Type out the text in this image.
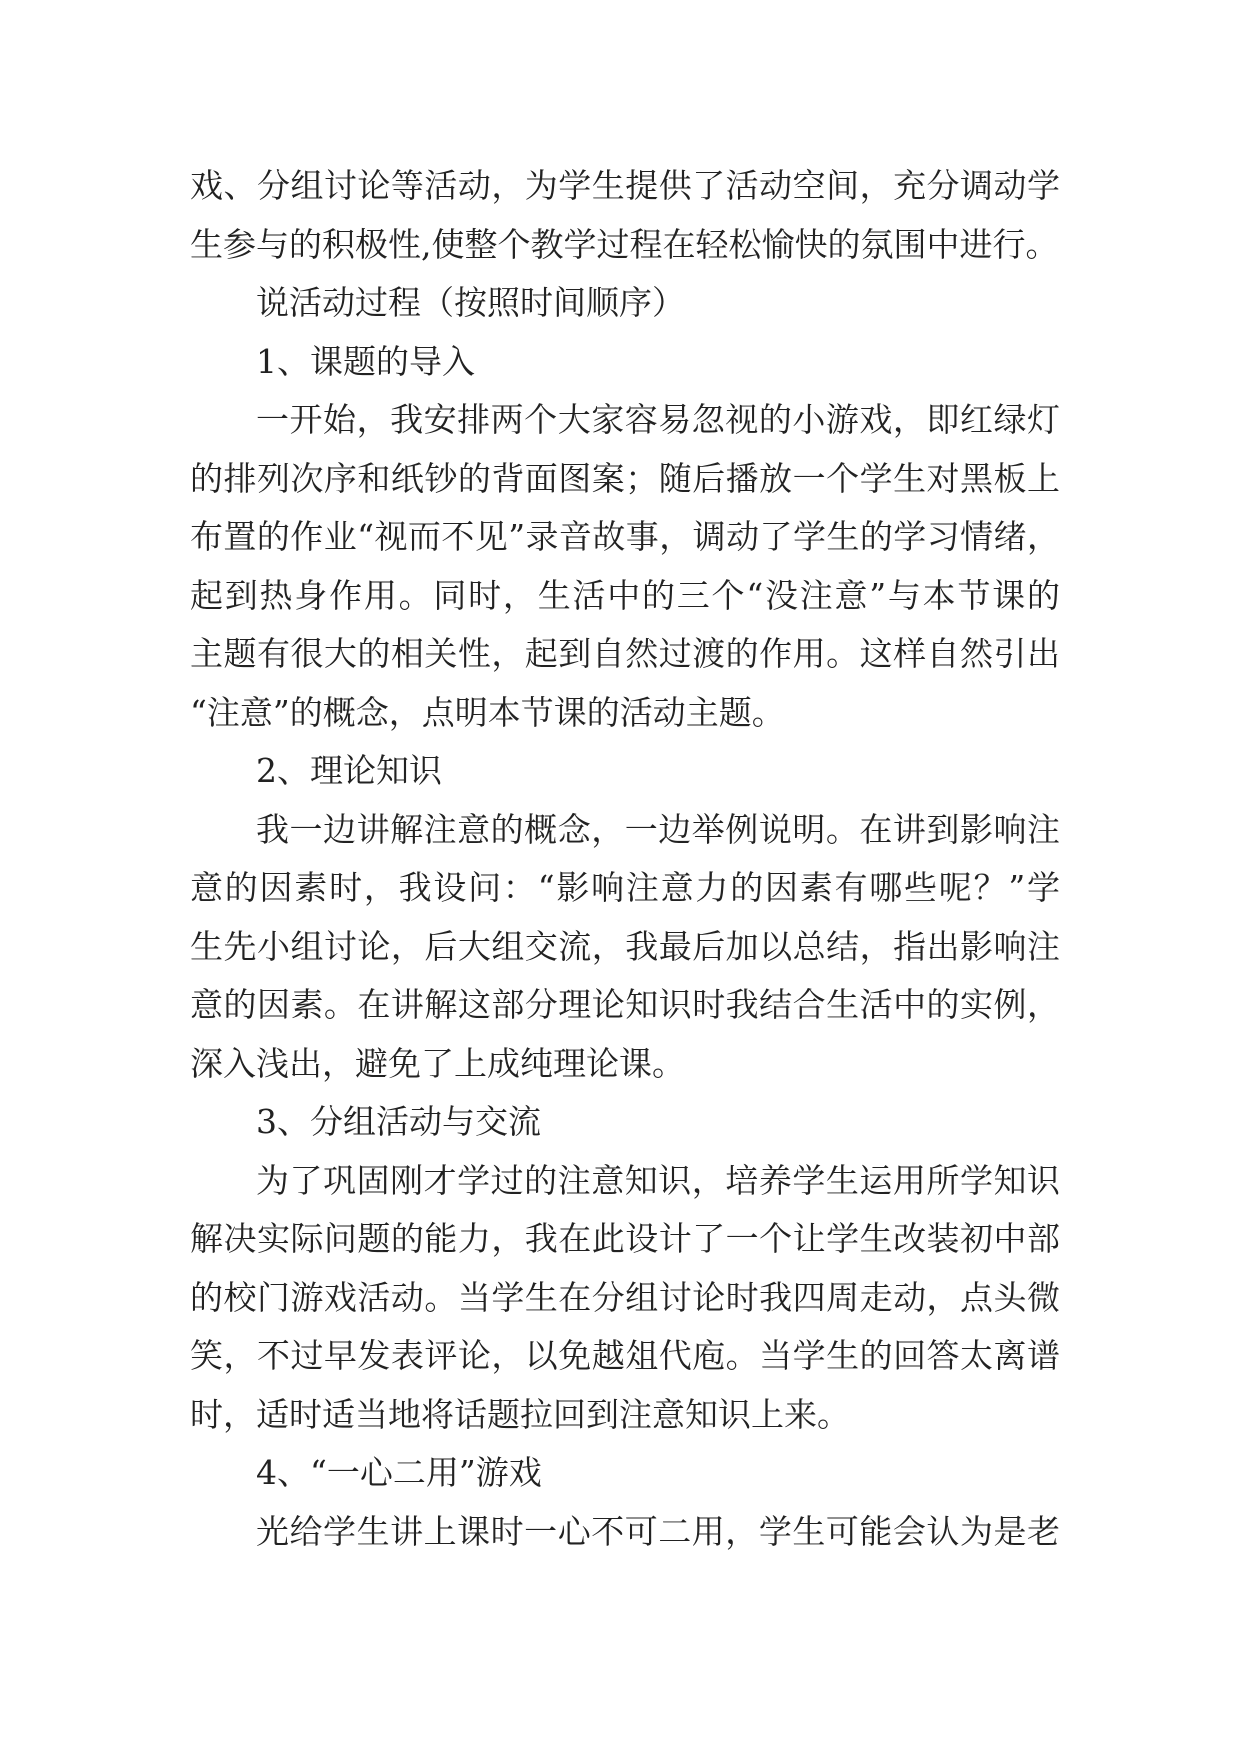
戏、分组讨论等活动，为学生提供了活动空间，充分调动学
生参与的积极性,使整个教学过程在轻松愉快的氛围中进行。
说活动过程（按照时间顺序）
1、课题的导入
一开始，我安排两个大家容易忽视的小游戏，即红绿灯
的排列次序和纸钞的背面图案；随后播放一个学生对黑板上
布置的作业“视而不见”录音故事，调动了学生的学习情绪，
起到热身作用。同时，生活中的三个“没注意”与本节课的
主题有很大的相关性，起到自然过渡的作用。这样自然引出
“注意”的概念，点明本节课的活动主题。
2、理论知识
我一边讲解注意的概念，一边举例说明。在讲到影响注
意的因素时，我设问：“影响注意力的因素有哪些呢？”学
生先小组讨论，后大组交流，我最后加以总结，指出影响注
意的因素。在讲解这部分理论知识时我结合生活中的实例，
深入浅出，避免了上成纯理论课。
3、分组活动与交流
为了巩固刚才学过的注意知识，培养学生运用所学知识
解决实际问题的能力，我在此设计了一个让学生改装初中部
的校门游戏活动。当学生在分组讨论时我四周走动，点头微
笑，不过早发表评论，以免越俎代庖。当学生的回答太离谱
时，适时适当地将话题拉回到注意知识上来。
4、“一心二用”游戏
光给学生讲上课时一心不可二用，学生可能会认为是老
